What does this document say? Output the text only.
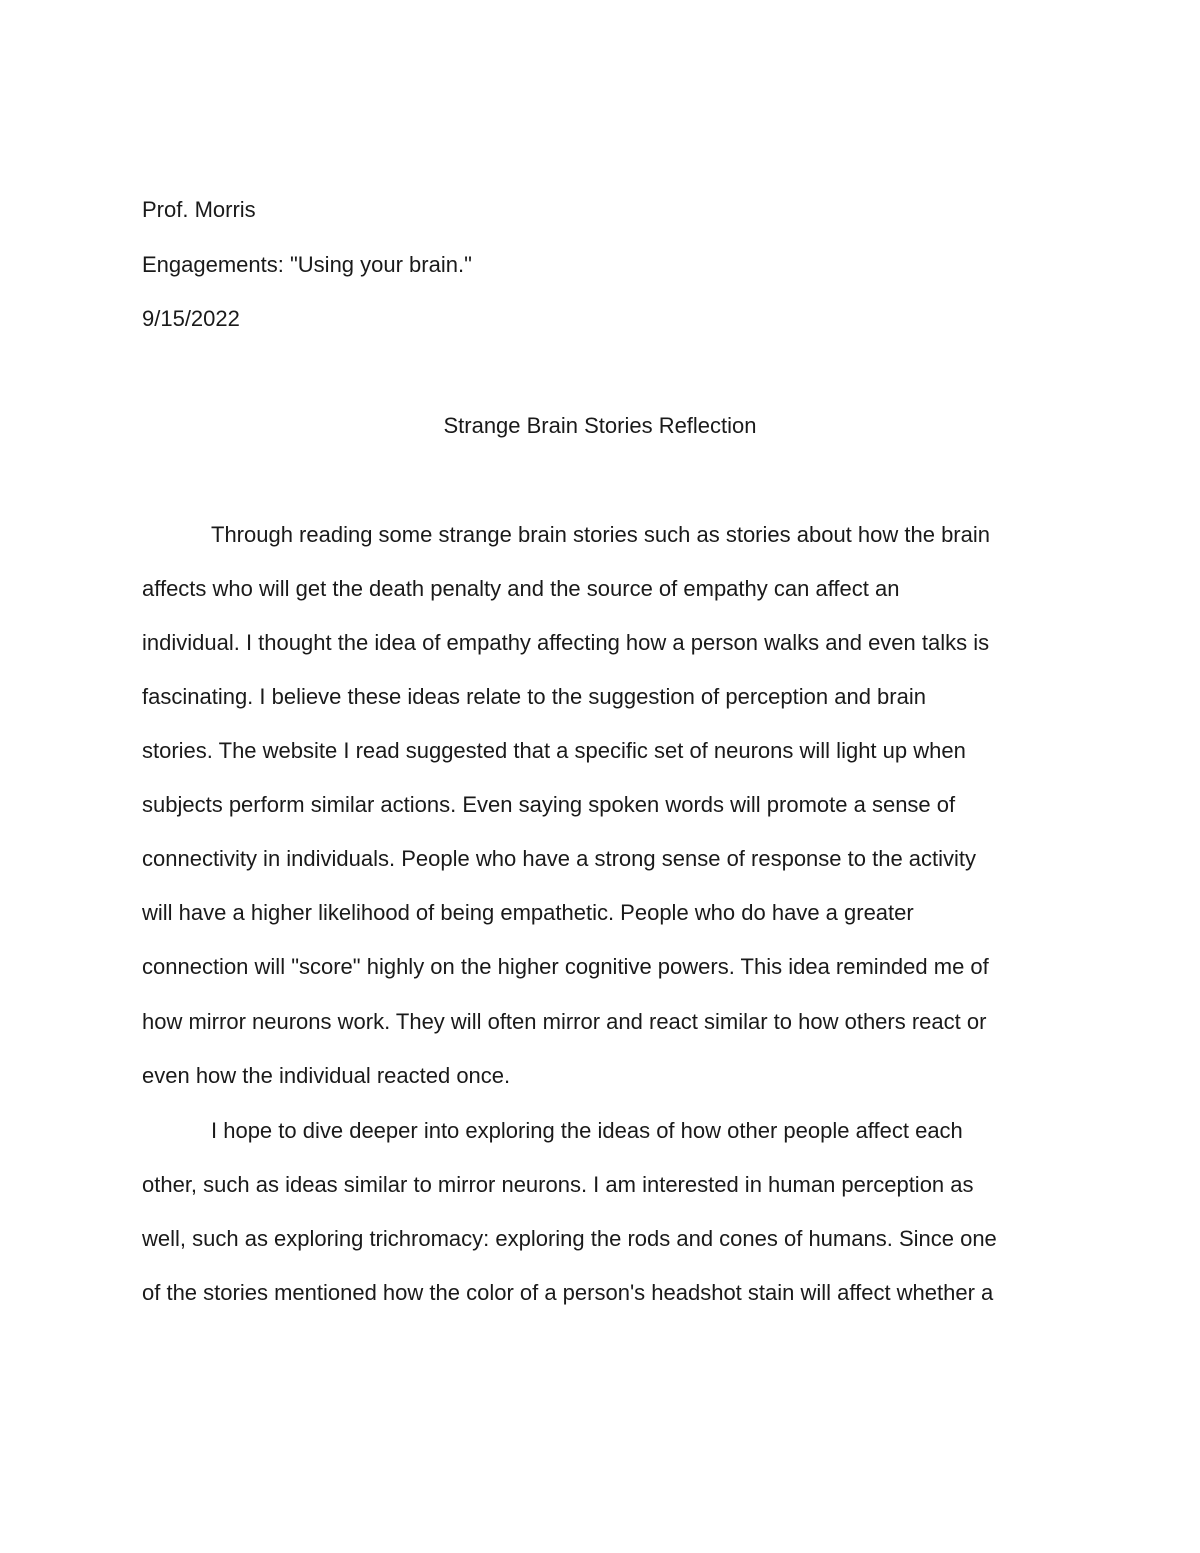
Prof. Morris
Engagements: "Using your brain."
9/15/2022
Strange Brain Stories Reflection
Through reading some strange brain stories such as stories about how the brain
affects who will get the death penalty and the source of empathy can affect an
individual. I thought the idea of empathy affecting how a person walks and even talks is
fascinating. I believe these ideas relate to the suggestion of perception and brain
stories. The website I read suggested that a specific set of neurons will light up when
subjects perform similar actions. Even saying spoken words will promote a sense of
connectivity in individuals. People who have a strong sense of response to the activity
will have a higher likelihood of being empathetic. People who do have a greater
connection will "score" highly on the higher cognitive powers. This idea reminded me of
how mirror neurons work. They will often mirror and react similar to how others react or
even how the individual reacted once.
I hope to dive deeper into exploring the ideas of how other people affect each
other, such as ideas similar to mirror neurons. I am interested in human perception as
well, such as exploring trichromacy: exploring the rods and cones of humans. Since one
of the stories mentioned how the color of a person's headshot stain will affect whether a
